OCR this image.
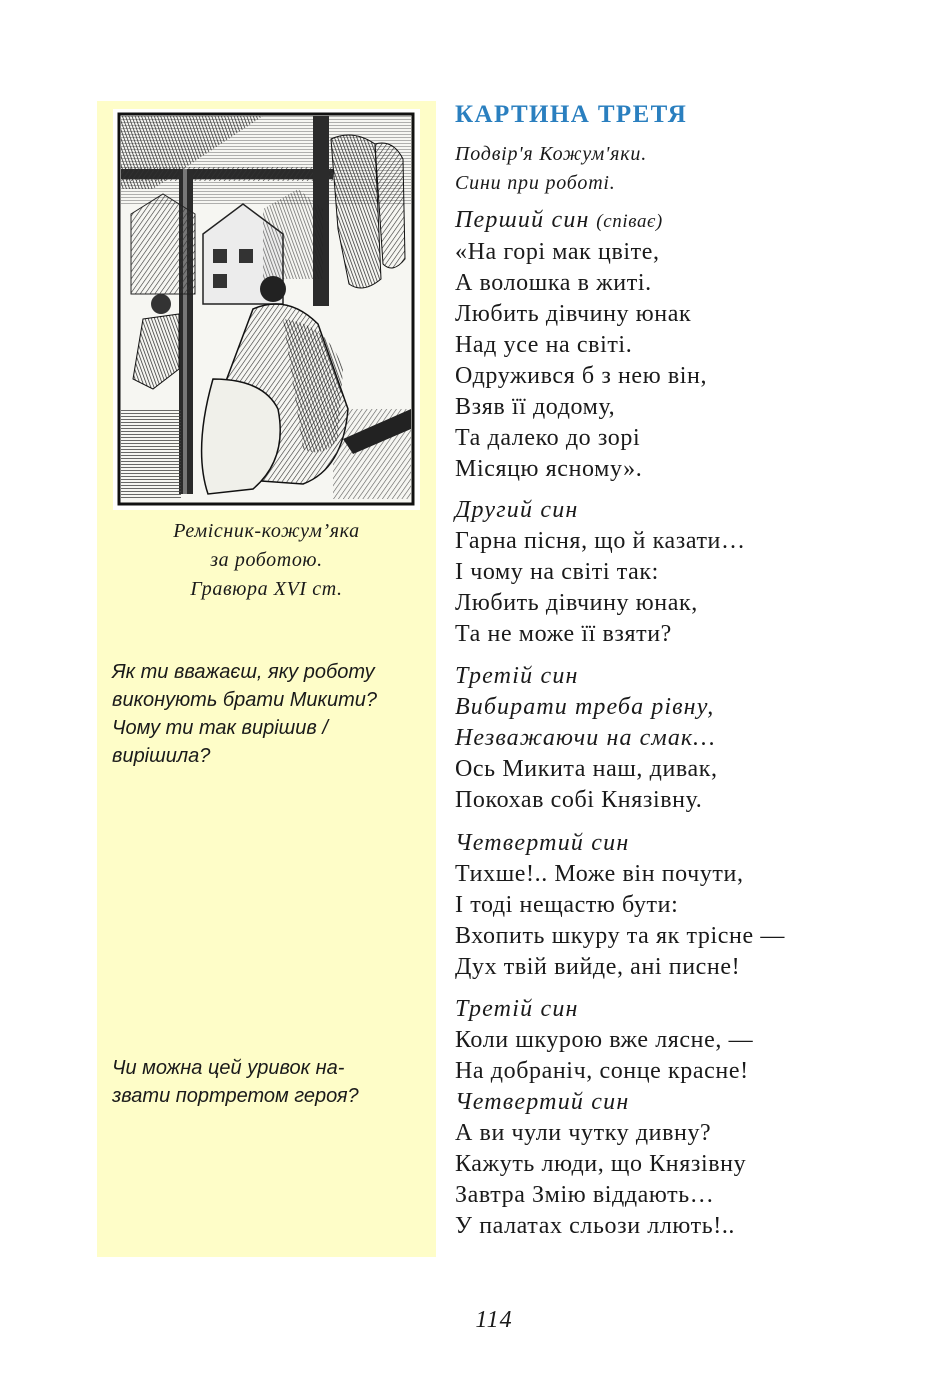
Ремісник-кожум’яка
за роботою.
Гравюра XVI ст.
Як ти вважаєш, яку роботу
виконують брати Микити?
Чому ти так вирішив /
вирішила?
Чи можна цей уривок на-
звати портретом героя?
КАРТИНА ТРЕТЯ
Подвір'я Кожум'яки.
Сини при роботі.
Перший син (співає)
«На горі мак цвіте,
А волошка в житі.
Любить дівчину юнак
Над усе на світі.
Одружився б з нею він,
Взяв її додому,
Та далеко до зорі
Місяцю ясному».
Другий син
Гарна пісня, що й казати…
І чому на світі так:
Любить дівчину юнак,
Та не може її взяти?
Третій син
Вибирати треба рівну,
Незважаючи на смак…
Ось Микита наш, дивак,
Покохав собі Князівну.
Четвертий син
Тихше!.. Може він почути,
І тоді нещастю бути:
Вхопить шкуру та як трісне —
Дух твій вийде, ані писне!
Третій син
Коли шкурою вже лясне, —
На добраніч, сонце красне!
Четвертий син
А ви чули чутку дивну?
Кажуть люди, що Князівну
Завтра Змію віддають…
У палатах сльози ллють!..
114
